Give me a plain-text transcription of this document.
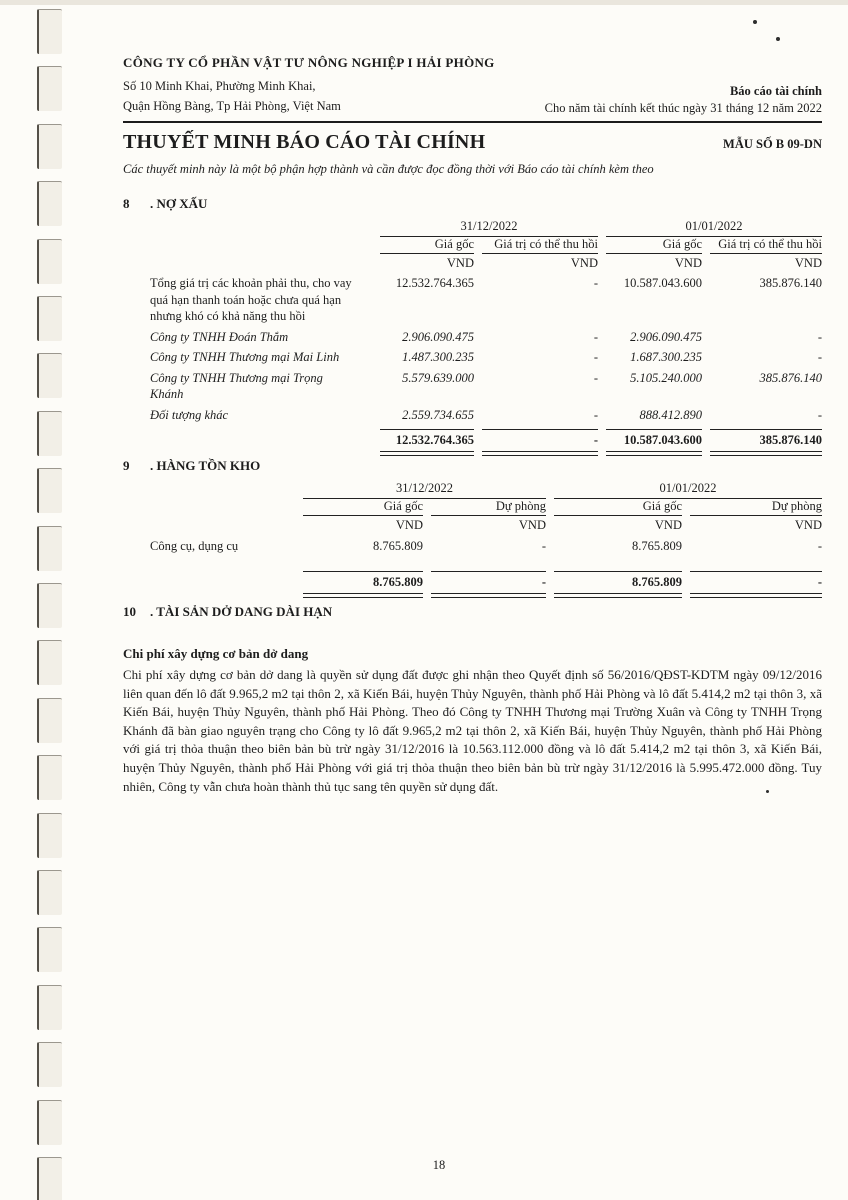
CÔNG TY CỔ PHẦN VẬT TƯ NÔNG NGHIỆP I HẢI PHÒNG
Số 10 Minh Khai, Phường Minh Khai,
Quận Hồng Bàng, Tp Hải Phòng, Việt Nam
Báo cáo tài chính
Cho năm tài chính kết thúc ngày 31 tháng 12 năm 2022
THUYẾT MINH BÁO CÁO TÀI CHÍNH	MẪU SỐ B 09-DN
Các thuyết minh này là một bộ phận hợp thành và cần được đọc đồng thời với Báo cáo tài chính kèm theo
8	. NỢ XẤU
31/12/2022	01/01/2022
Giá gốc	Giá trị có thể thu hồi	Giá gốc	Giá trị có thể thu hồi
VND	VND	VND	VND
Tổng giá trị các khoản phải thu, cho vay quá hạn thanh toán hoặc chưa quá hạn nhưng khó có khả năng thu hồi
12.532.764.365	-	10.587.043.600	385.876.140
Công ty TNHH Đoán Thắm	2.906.090.475	-	2.906.090.475	-
Công ty TNHH Thương mại Mai Linh	1.487.300.235	-	1.687.300.235	-
Công ty TNHH Thương mại Trọng Khánh
5.579.639.000	-	5.105.240.000	385.876.140
Đối tượng khác	2.559.734.655	-	888.412.890	-
12.532.764.365	-	10.587.043.600	385.876.140
9	. HÀNG TỒN KHO
31/12/2022	01/01/2022
Giá gốc	Dự phòng	Giá gốc	Dự phòng
VND	VND	VND	VND
Công cụ, dụng cụ	8.765.809	-	8.765.809	-
8.765.809	-	8.765.809	-
10	. TÀI SẢN DỞ DANG DÀI HẠN
Chi phí xây dựng cơ bản dở dang
Chi phí xây dựng cơ bản dở dang là quyền sử dụng đất được ghi nhận theo Quyết định số 56/2016/QĐST-KDTM ngày 09/12/2016 liên quan đến lô đất 9.965,2 m2 tại thôn 2, xã Kiến Bái, huyện Thủy Nguyên, thành phố Hải Phòng và lô đất 5.414,2 m2 tại thôn 3, xã Kiến Bái, huyện Thủy Nguyên, thành phố Hải Phòng. Theo đó Công ty TNHH Thương mại Trường Xuân và Công ty TNHH Trọng Khánh đã bàn giao nguyên trạng cho Công ty lô đất 9.965,2 m2 tại thôn 2, xã Kiến Bái, huyện Thủy Nguyên, thành phố Hải Phòng với giá trị thỏa thuận theo biên bản bù trừ ngày 31/12/2016 là 10.563.112.000 đồng và lô đất 5.414,2 m2 tại thôn 3, xã Kiến Bái, huyện Thủy Nguyên, thành phố Hải Phòng với giá trị thỏa thuận theo biên bản bù trừ ngày 31/12/2016 là 5.995.472.000 đồng. Tuy nhiên, Công ty vẫn chưa hoàn thành thủ tục sang tên quyền sử dụng đất.
18
